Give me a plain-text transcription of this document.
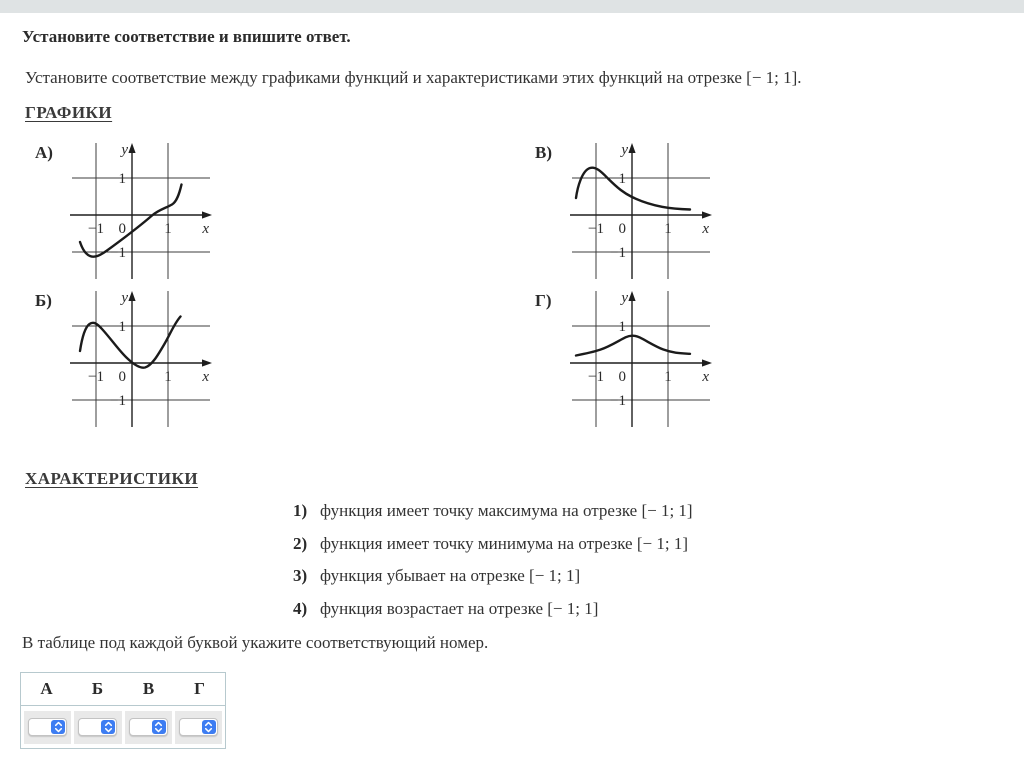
Установите соответствие и впишите ответ.
Установите соответствие между графиками функций и характеристиками этих функций на отрезке [− 1; 1].
ГРАФИКИ
А)
−1 0	1 x
1
−1
y	В)
−1 0	1 x
1
−1
y
Б)
−1 0	1 x
1
−1
y	Г)
−1 0	1 x
1
−1
y
ХАРАКТЕРИСТИКИ
1) функция имеет точку максимума на отрезке [− 1; 1]
2) функция имеет точку минимума на отрезке [− 1; 1]
3) функция убывает на отрезке [− 1; 1]
4) функция возрастает на отрезке [− 1; 1]
В таблице под каждой буквой укажите соответствующий номер.
А	Б	В	Г
